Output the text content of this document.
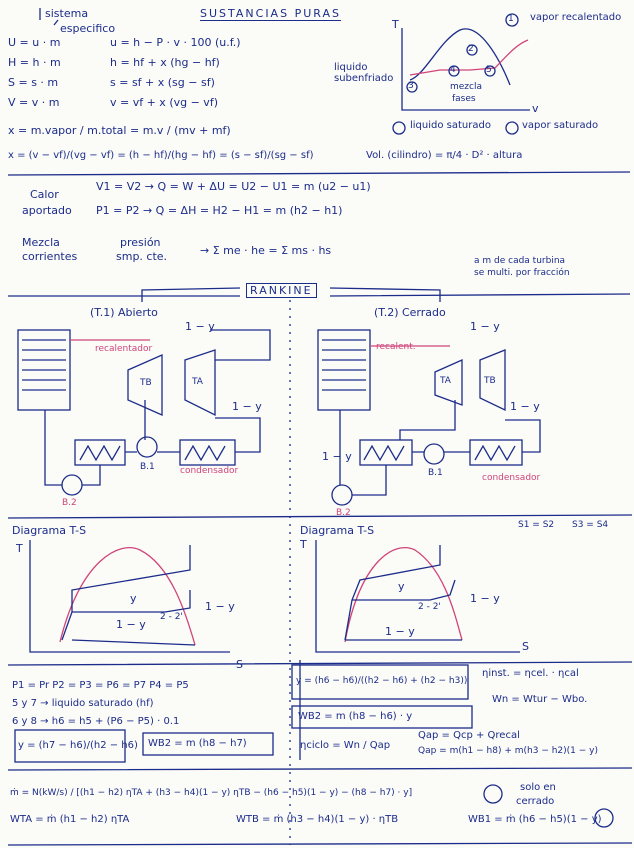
sistema
especifico
SUSTANCIAS PURAS
U = u · m	u = h − P · v · 100 (u.f.)
H = h · m	h = hf + x (hg − hf)
S = s · m	s = sf + x (sg − sf)
V = v · m	v = vf + x (vg − vf)
x = m.vapor / m.total = m.v / (mv + mf)
x = (v − vf)/(vg − vf) = (h − hf)/(hg − hf) = (s − sf)/(sg − sf)
T
v
1
2
3
4	5
vapor recalentado
liquido subenfriado
mezcla
fases
liquido saturado	vapor saturado
Vol. (cilindro) = π/4 · D² · altura
Calor
aportado
V1 = V2 → Q = W + ΔU = U2 − U1 = m (u2 − u1)
P1 = P2 → Q = ΔH = H2 − H1 = m (h2 − h1)
Mezcla
corrientes
presión
smp. cte.	→ Σ me · he = Σ ms · hs
a m de cada turbina
se multi. por fracción
RANKINE
(T.1) Abierto	(T.2) Cerrado
recalentador	recalent.
TB	TA	TA	TB
condensador
condensador
B.1
B.2
B.1
B.2
1 − y
1 − y
1 − y
1 − y
1 − y
Diagrama T-S	Diagrama T-S	S1 = S2 S3 = S4
T
S
T
S
y
1 − y
1 − y
2 - 2'
y
1 − y
1 − y
2 - 2'
P1 = Pr P2 = P3 = P6 = P7 P4 = P5
5 y 7 → liquido saturado (hf)
6 y 8 → h6 = h5 + (P6 − P5) · 0.1
y = (h7 − h6)/(h2 − h6) WB2 = m (h8 − h7)
y = (h6 − h6)/((h2 − h6) + (h2 − h3))
WB2 = m (h8 − h6) · y
ηinst. = ηcel. · ηcal
Wn = Wtur − Wbo.
ηciclo = Wn / Qap
Qap = Qcp + Qrecal
Qap = m(h1 − h8) + m(h3 − h2)(1 − y)
ṁ = N(kW/s) / [(h1 − h2) ηTA + (h3 − h4)(1 − y) ηTB − (h6 − h5)(1 − y) − (h8 − h7) · y]	solo en
cerrado
WTA = ṁ (h1 − h2) ηTA	WTB = ṁ (h3 − h4)(1 − y) · ηTB	WB1 = ṁ (h6 − h5)(1 − y)
